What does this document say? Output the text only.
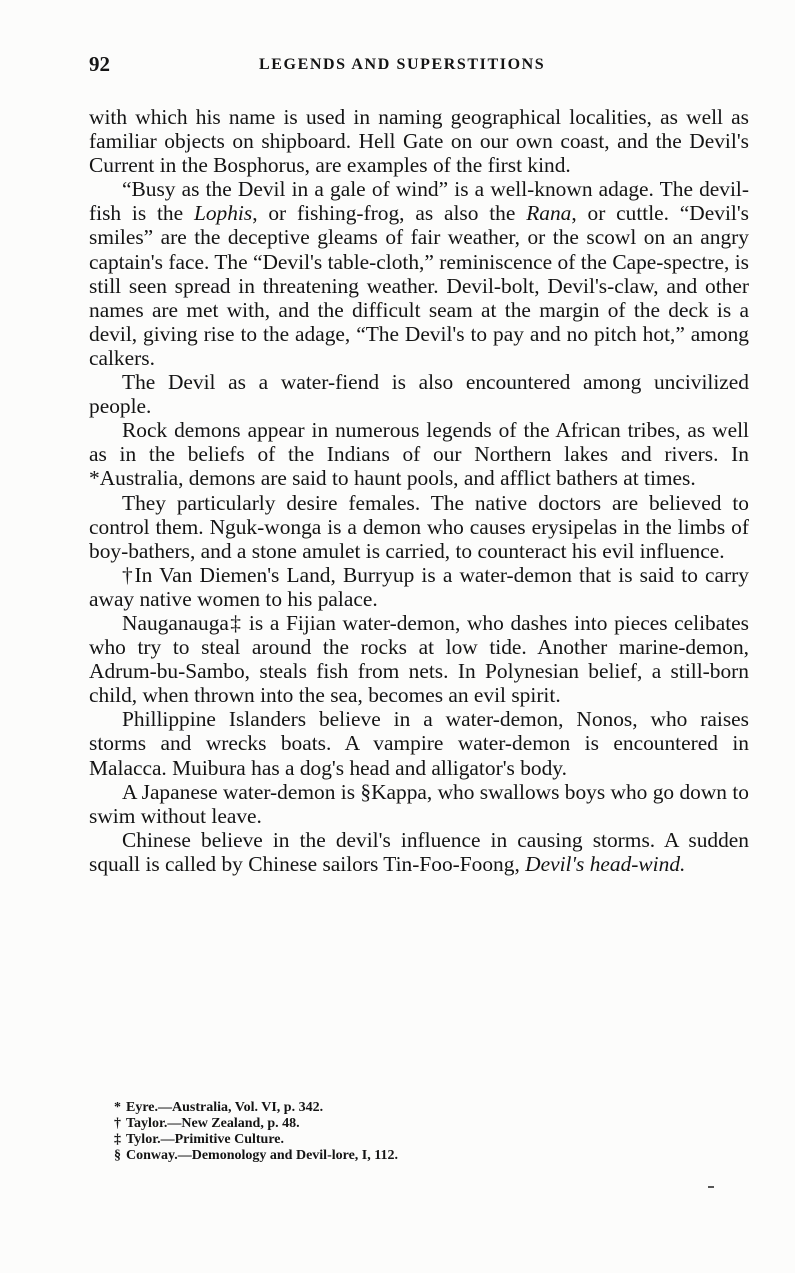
92	LEGENDS AND SUPERSTITIONS

with which his name is used in naming geographical localities, as well as familiar objects on shipboard. Hell Gate on our own coast, and the Devil's Current in the Bosphorus, are examples of the first kind.

“Busy as the Devil in a gale of wind” is a well-known adage. The devil-fish is the Lophis, or fishing-frog, as also the Rana, or cuttle. “Devil's smiles” are the deceptive gleams of fair weather, or the scowl on an angry captain's face. The “Devil's table-cloth,” reminiscence of the Cape-spectre, is still seen spread in threatening weather. Devil-bolt, Devil's-claw, and other names are met with, and the difficult seam at the margin of the deck is a devil, giving rise to the adage, “The Devil's to pay and no pitch hot,” among calkers.

The Devil as a water-fiend is also encountered among uncivilized people.

Rock demons appear in numerous legends of the African tribes, as well as in the beliefs of the Indians of our Northern lakes and rivers. In *Australia, demons are said to haunt pools, and afflict bathers at times.

They particularly desire females. The native doctors are believed to control them. Nguk-wonga is a demon who causes erysipelas in the limbs of boy-bathers, and a stone amulet is carried, to counteract his evil influence.

†In Van Diemen's Land, Burryup is a water-demon that is said to carry away native women to his palace.

Nauganauga‡ is a Fijian water-demon, who dashes into pieces celibates who try to steal around the rocks at low tide. Another marine-demon, Adrum-bu-Sambo, steals fish from nets. In Polynesian belief, a still-born child, when thrown into the sea, becomes an evil spirit.

Phillippine Islanders believe in a water-demon, Nonos, who raises storms and wrecks boats. A vampire water-demon is encountered in Malacca. Muibura has a dog's head and alligator's body.

A Japanese water-demon is §Kappa, who swallows boys who go down to swim without leave.

Chinese believe in the devil's influence in causing storms. A sudden squall is called by Chinese sailors Tin-Foo-Foong, Devil's head-wind.

* Eyre.—Australia, Vol. VI, p. 342.

† Taylor.—New Zealand, p. 48.

‡ Tylor.—Primitive Culture.

§ Conway.—Demonology and Devil-lore, I, 112.
